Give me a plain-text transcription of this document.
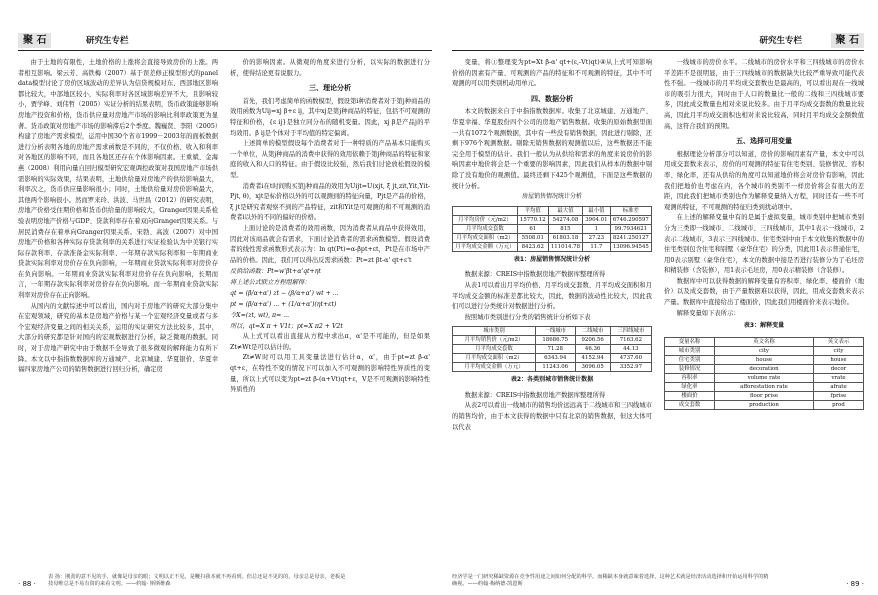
聚 石	研究生专栏

由于土地的有限性，土地价格的上涨将会直接导致房价的上涨。两者相互影响。梁云芳、高铁梅（2007）基于误差修正模型形式的panel data模型讨论了房价区域波动的差异认为信贷规模对东、西部地区影响都比较大，中部地区较小，实际利率对各区域影响差异不大，且影响较小，贾学峰、刘伟哲（2005）实证分析的结果表明，货币政策能够影响房地产投资和价格，货币供应量对房地产市场的影响比利率政策更为显著。货币政策对房地产市场的影响滞后2个季度。魏巍贤、李阳（2005）构建了房地产需求模型，运用中国30个省市1999－2003年的面板数据进行分析表明各地的房地产需求函数是不同的，不仅价格、收入和利率对各地区的影响不同，而且各地区还存在个体影响因素。王重斌、金海燕（2008）利用向量自回归模型研究宏观调控政策对我国房地产市场供需影响的实际效果，结果表明，土地供给量对房地产的供给影响最大，利率次之，货币供应量影响很小；同时，土地供给量对房价影响最大，其他两个影响很小。然而罗来玲、洪波、马世昌（2012）的研究表明，房地产价格受住期价格和货币供给量的影响较大，Granger因果关系检验表明房地产价格与GDP、贷款利率存在着双向Granger因果关系。与居民消费存在着单向Granger因果关系。宋勃、高波（2007）对中国房地产价格和各种实际存贷款利率的关系进行实证检验认为中美银行实际存款利率、存款准备金实际利率、一年期存款实际利率和一年期商业贷款实际利率对房价存在负向影响，一年期商业贷款实际利率对房价存在负向影响。一年期商业贷款实际利率对房价存在负向影响，长期而言，一年期存款实际利率对房价存在负向影响。而一年期商业贷款实际利率对房价存在正向影响。

从国内的文献综述中可以看出，国内对于房地产的研究大部分集中在宏观领域，研究的基本是房地产价格与某一个宏观经济变量或者与多个宏观经济变量之间的相关关系，运用的实证研究方法比较多，其中，大部分的研究都是针对国内的宏观数据进行分析，缺乏微观的数据。同时，对于房地产研究中由于数据不全导致了很多微观的解释能力有所下降。本文以中指指数数据库的万通城产、北京城建、华夏银价、华夏幸福四家房地产公司的销售数据进行回归分析，确定房

价的影响因素。从微观的角度来进行分析，以实际的数据进行分析，使得结论更有说服力。

三、理论分析

首先，我们考虑简单的函数模型，假设第i种消费者对于第j种商品的效用函数为Uij=xj β+ε ij，其中xj是第j种商品的特征，包括不可观测的特征和价格，{ε ij}是独立同分布的随机变量。因此，xj β是产品j的平均效用。β ij是个体对于平均值的特定偏离。

上述简单的模型假设每个消费者对于一种特质的产品基本只能购买一个单位，从第j种商品的消费中获得的效用依赖于第j种商品的特征和家庭的收入和人口的特征。由于假设比较强，然后我们讨论放松假设的模型。

消费者i在t时间购买第j种商品的效用为Uijt=U(xjt, ξ jt,zit,Yit,Yit-Pjt, θ)，xjt是标价格以外的可以观测到的特征向量，Pjt是产品的价格，ξ jt是研究者观察不到的产品特征，zit和Yit是可观测的和不可观测的消费者i以外的不同的偏好的价格。

上面讨论的是消费者的效用函数，因为消费者从商品中获得效用，因此对该商品就会有需求，下面讨论消费者的需求函数模型。假设消费者的线性需求函数形式表示为：ln qt(Pt)=α-βpt+εt，Pt是在市场中产品的价格。因此，我们可以得出反需求函数：Pt=zt βt-α' qt+ε't

反供给函数：Pt=w'βt+α'qt+ηt
将上述公式联立方程组解得：
qt = (β/α+α') zt − (β/α+α') wt + ...
pt = (β/α+α') ... + (1/α+α')(ηt+εt)
令X=(zt, wt), π= ...
所以，qt=X π + V1t；pt=X π2 + V2t

从上式可以看出直接从方程中求出π，α'是不可能的，但是如果Zt≠Wt是可以估计的。

Zt≠W时可以用工具变量法进行估计α，α'，由于pt=zt β-α' qt+ε，在特性不变的情况下可以加入不可观测的影响特性异质性的变量，所以上式可以变为pt=zt β-(α+Vt)qt+ε，V是不可观测的影响特性异质性的

· 88 ·
表 扬：刚劲的意不见的手，就像是母亲的眼；文明以正不见，是鞭扫我本就不再看到。但总还是不见的的，母亲总是母亲。老板是技母唯总是不易有资的来看文明。——约翰· 斯斯维森
研究生专栏	聚 石

变量，将①整理变为pt=Xt β-α' qt+(ε,-Vt)qt)④从上式可知影响价格的因素有产量、可观测的产品的特征和不可观测的特征，其中不可观测的可以用类别机动用单元。

四、数据分析

本文的数据来自于中指指数数据库。收集了北京城建、万通地产、华夏幸福、华夏股份四个公司的房地产销售数据。收集的原始数据里面一共有1072个观测数据，其中有一些没有销售数据，因此进行剔除，还剩下976个观测数据。剔除无销售数据的观测值以后，这些数据还不能完全用于模型的估计。我们一般认为从供给和需求的角度来说房价的影响因素中地价将会是一个重要的影响因素，因此我们从样本的数据中剔除了没有地价的观测值。最终还剩下425个观测值，下面是这些数据的统计分析。

房屋销售情况统计分析
	平均值	最大值	最小值	标准差
月平均房价（元/m2）	15770.12	54274.08	3904.01	6746.290597
月平均成交套数	61	815	1	99.7934621
月平均成交面积（m2）	5508.01	61803.18	27.23	8241.250127
月平均成交金额（万元）	8423.62	111014.78	11.7	13096.94545
表1：房屋销售情况统计分析

数据来源：CREIS中指数据房地产数据库整理所得

从表1可以看出月平均价格、月平均成交套数、月平均成交面积和月平均成交金额的标准差都比较大，因此，数据的波动性比较大，因此我们可以进行分类统计对数据进行分析。

按照城市类别进行分类的销售统计分析如下表

城市类别	一线城市	二线城市	三四线城市
月平均销售价（元/m2）	18686.75	9206.56	7163.62
月平均成交套数	71.28	46.36	44.13
月平均成交面积（m2）	6343.94	4152.94	4737.60
月平均成交金额（万元）	11243.06	3696.05	3352.97
表2：各类别城市销售统计数据

数据来源：CREIS中指数据房地产数据库整理所得

从表2可以看出一线城市的销售均价远远高于二线城市和三四线城市的销售均价，由于本文获得的数据中只有北京的销售数据，但这大体可以代表

一线城市的房价水平。二线城市的房价水平和三四线城市的房价水平差距不是很明显，由于三四线城市的数据缺失比较严重导致可能代表性不强。一线城市的月平均成交套数也是最高的，可以看出现在一线城市的吸引力很大，同时由于人口的数量比一般的二线和三四线城市要多，因此成交数量也相对来说比较多。由于月平均成交套数的数量比较高，因此月平均成交面积也相对来说比较高，同时月平均成交金额数值高，这符合我们的预期。

五、选择可用变量

根据理论分析部分可以知道，房价的影响因素有产量，本文中可以用成交套数来表示，房价的可观测的特征有住宅类别、装修情况、容积率、绿化率，还有从供给的角度可以知道地价将会对房价有影响，因此我们把地价也考虑在内，各个城市的类别不一样房价将会有很大的差距，因此我们把城市类别也作为解释变量纳入方程，同时还有一些不可观测的特征，不可观测的特征归类到扰动项中。

在上述的解释变量中有的是属于虚拟变量，城市类别中把城市类别分为三类即一线城市、二线城市、三四线城市，其中1表示一线城市，2表示二线城市，3表示三四线城市。住宅类别中由于本文收集的数据中的住宅类别包含住宅和别墅（豪华住宅）的分类，因此用1表示普通住宅，用0表示别墅（豪华住宅），本文的数据中接是否进行装修分为了毛坯房和精装修（含装修），用1表示毛坯房，用0表示精装修（含装修）。

数据库中可以获得数据的解释变量有容积率、绿化率、楼面价（地价）以及成交套数，由于产量数据难以获得，因此，用成交套数来表示产量。数据库中直接给出了楼面价，因此我们用楼面价来表示地价。

解释变量如下表所示：

表3：解释变量
变量名称	英文名称	英文表示
城市类别	city	city
住宅类别	house	house
装修情况	decoration	decor
容积率	volume rate	vrate
绿化率	afforestation rate	afrate
楼面价	floor prise	fprise
成交套数	production	prod
· 89 ·
经济学是一门研究稀缺资源在竞争性用途之间如何分配的科学。而稀缺本身就意味着选择，这种艺术就是经济活动选择和开始运用科学的精确视。——约翰·梅纳德·凯恩斯
